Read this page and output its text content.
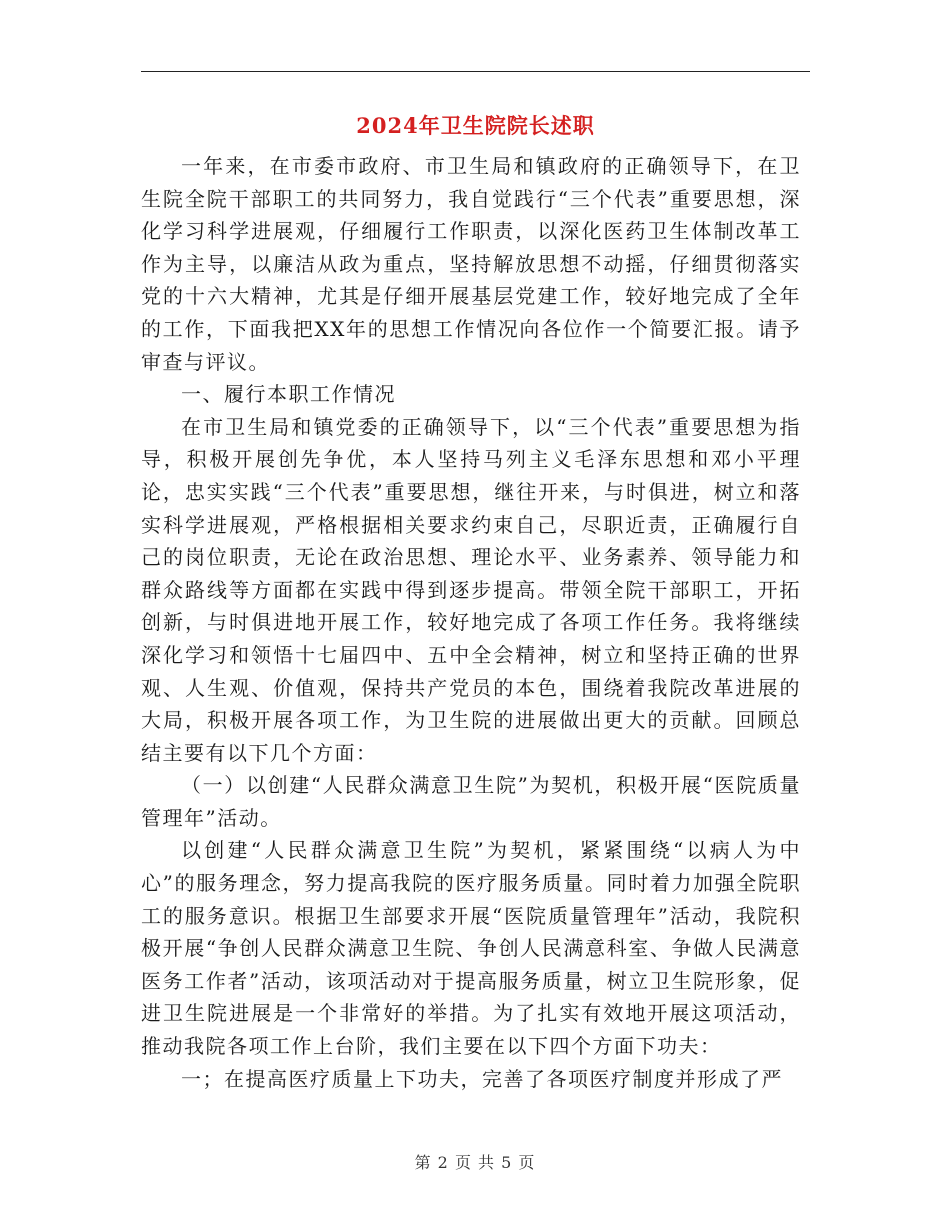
2024年卫生院院长述职

一年来，在市委市政府、市卫生局和镇政府的正确领导下，在卫生院全院干部职工的共同努力，我自觉践行“三个代表”重要思想，深化学习科学进展观，仔细履行工作职责，以深化医药卫生体制改革工作为主导，以廉洁从政为重点，坚持解放思想不动摇，仔细贯彻落实党的十六大精神，尤其是仔细开展基层党建工作，较好地完成了全年的工作，下面我把XX年的思想工作情况向各位作一个简要汇报。请予审查与评议。

一、履行本职工作情况

在市卫生局和镇党委的正确领导下，以“三个代表”重要思想为指导，积极开展创先争优，本人坚持马列主义毛泽东思想和邓小平理论，忠实实践“三个代表”重要思想，继往开来，与时俱进，树立和落实科学进展观，严格根据相关要求约束自己，尽职近责，正确履行自己的岗位职责，无论在政治思想、理论水平、业务素养、领导能力和群众路线等方面都在实践中得到逐步提高。带领全院干部职工，开拓创新，与时俱进地开展工作，较好地完成了各项工作任务。我将继续深化学习和领悟十七届四中、五中全会精神，树立和坚持正确的世界观、人生观、价值观，保持共产党员的本色，围绕着我院改革进展的大局，积极开展各项工作，为卫生院的进展做出更大的贡献。回顾总结主要有以下几个方面：

（一）以创建“人民群众满意卫生院”为契机，积极开展“医院质量管理年”活动。

以创建“人民群众满意卫生院”为契机，紧紧围绕“以病人为中心”的服务理念，努力提高我院的医疗服务质量。同时着力加强全院职工的服务意识。根据卫生部要求开展“医院质量管理年”活动，我院积极开展“争创人民群众满意卫生院、争创人民满意科室、争做人民满意医务工作者”活动，该项活动对于提高服务质量，树立卫生院形象，促进卫生院进展是一个非常好的举措。为了扎实有效地开展这项活动，推动我院各项工作上台阶，我们主要在以下四个方面下功夫：

一；在提高医疗质量上下功夫，完善了各项医疗制度并形成了严

第 2 页 共 5 页
